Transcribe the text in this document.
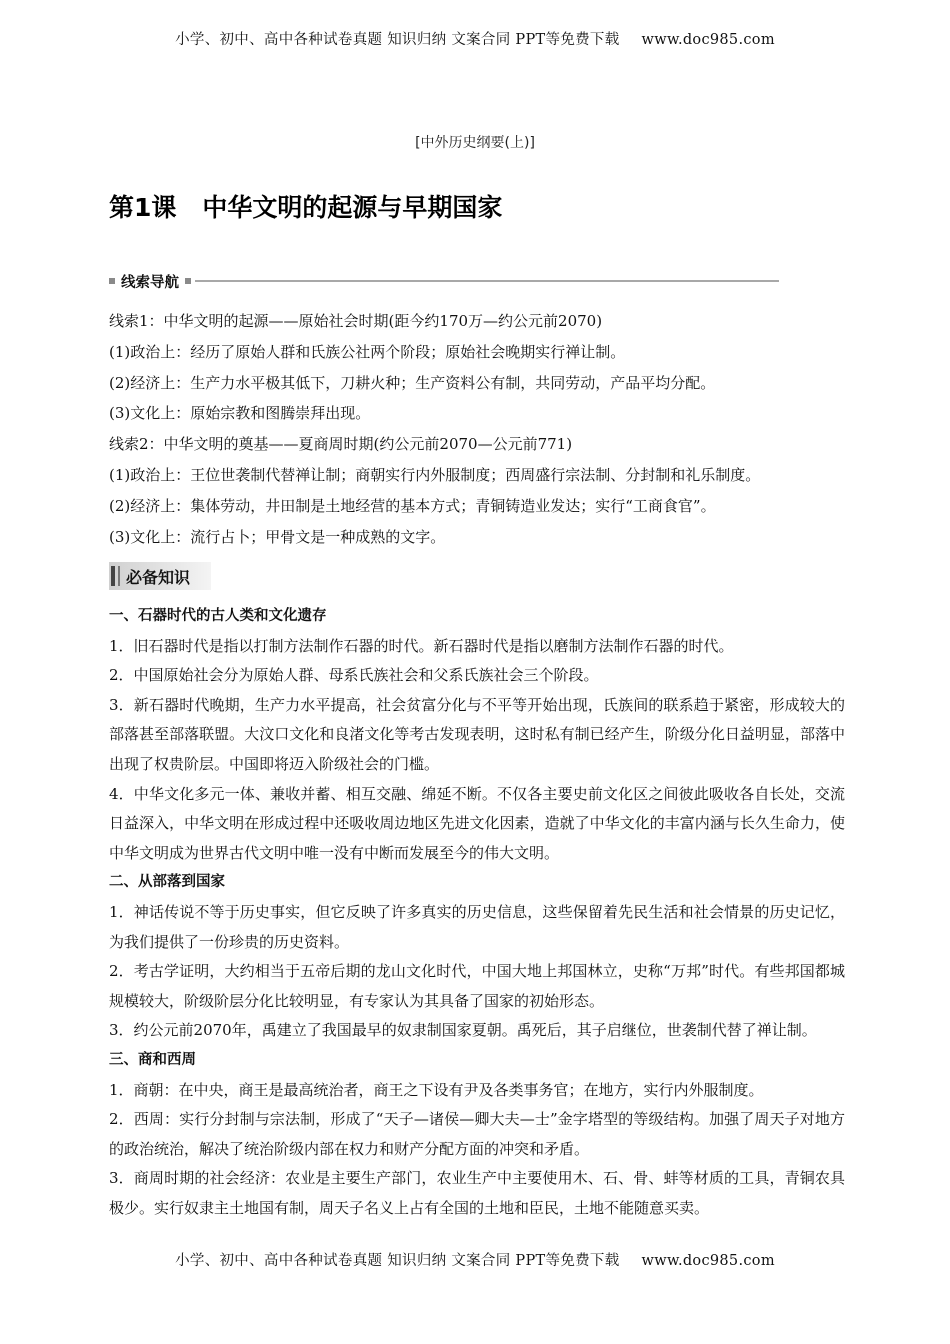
小学、初中、高中各种试卷真题 知识归纳 文案合同 PPT等免费下载 www.doc985.com
[中外历史纲要(上)]
第1课 中华文明的起源与早期国家
线索导航
线索1：中华文明的起源——原始社会时期(距今约170万—约公元前2070)
(1)政治上：经历了原始人群和氏族公社两个阶段；原始社会晚期实行禅让制。
(2)经济上：生产力水平极其低下，刀耕火种；生产资料公有制，共同劳动，产品平均分配。
(3)文化上：原始宗教和图腾崇拜出现。
线索2：中华文明的奠基——夏商周时期(约公元前2070—公元前771)
(1)政治上：王位世袭制代替禅让制；商朝实行内外服制度；西周盛行宗法制、分封制和礼乐制度。
(2)经济上：集体劳动，井田制是土地经营的基本方式；青铜铸造业发达；实行“工商食官”。
(3)文化上：流行占卜；甲骨文是一种成熟的文字。
必备知识
一、石器时代的古人类和文化遗存
1．旧石器时代是指以打制方法制作石器的时代。新石器时代是指以磨制方法制作石器的时代。
2．中国原始社会分为原始人群、母系氏族社会和父系氏族社会三个阶段。
3．新石器时代晚期，生产力水平提高，社会贫富分化与不平等开始出现，氏族间的联系趋于紧密，形成较大的部落甚至部落联盟。大汶口文化和良渚文化等考古发现表明，这时私有制已经产生，阶级分化日益明显，部落中出现了权贵阶层。中国即将迈入阶级社会的门槛。
4．中华文化多元一体、兼收并蓄、相互交融、绵延不断。不仅各主要史前文化区之间彼此吸收各自长处，交流日益深入，中华文明在形成过程中还吸收周边地区先进文化因素，造就了中华文化的丰富内涵与长久生命力，使中华文明成为世界古代文明中唯一没有中断而发展至今的伟大文明。
二、从部落到国家
1．神话传说不等于历史事实，但它反映了许多真实的历史信息，这些保留着先民生活和社会情景的历史记忆，为我们提供了一份珍贵的历史资料。
2．考古学证明，大约相当于五帝后期的龙山文化时代，中国大地上邦国林立，史称“万邦”时代。有些邦国都城规模较大，阶级阶层分化比较明显，有专家认为其具备了国家的初始形态。
3．约公元前2070年，禹建立了我国最早的奴隶制国家夏朝。禹死后，其子启继位，世袭制代替了禅让制。
三、商和西周
1．商朝：在中央，商王是最高统治者，商王之下设有尹及各类事务官；在地方，实行内外服制度。
2．西周：实行分封制与宗法制，形成了“天子—诸侯—卿大夫—士”金字塔型的等级结构。加强了周天子对地方的政治统治，解决了统治阶级内部在权力和财产分配方面的冲突和矛盾。
3．商周时期的社会经济：农业是主要生产部门，农业生产中主要使用木、石、骨、蚌等材质的工具，青铜农具极少。实行奴隶主土地国有制，周天子名义上占有全国的土地和臣民，土地不能随意买卖。
小学、初中、高中各种试卷真题 知识归纳 文案合同 PPT等免费下载 www.doc985.com
